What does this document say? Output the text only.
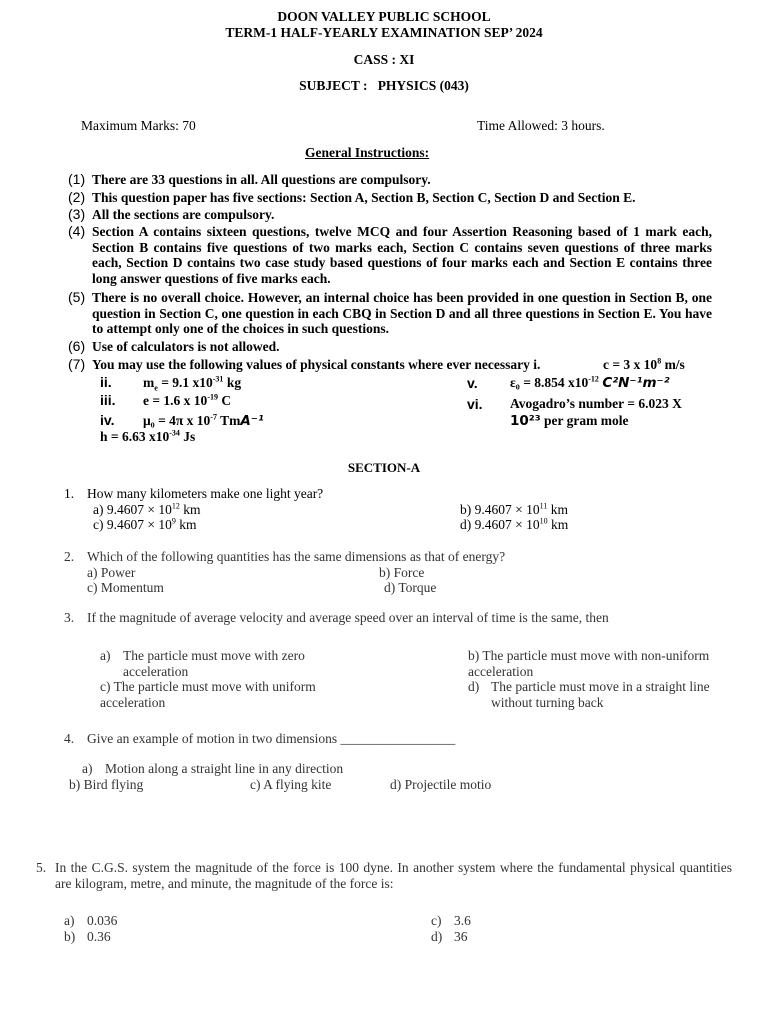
DOON VALLEY PUBLIC SCHOOL
TERM-1 HALF-YEARLY EXAMINATION SEP’ 2024
CASS : XI
SUBJECT : PHYSICS (043)
Maximum Marks: 70	Time Allowed: 3 hours.
General Instructions:
(1) There are 33 questions in all. All questions are compulsory.
(2) This question paper has five sections: Section A, Section B, Section C, Section D and Section E.
(3) All the sections are compulsory.
(4) Section A contains sixteen questions, twelve MCQ and four Assertion Reasoning based of 1 mark each, Section B contains five questions of two marks each, Section C contains seven questions of three marks each, Section D contains two case study based questions of four marks each and Section E contains three long answer questions of five marks each.
(5) There is no overall choice. However, an internal choice has been provided in one question in Section B, one question in Section C, one question in each CBQ in Section D and all three questions in Section E. You have to attempt only one of the choices in such questions.
(6) Use of calculators is not allowed.
(7) You may use the following values of physical constants where ever necessary i.	c = 3 x $10^8$ m/s
ii. $m_e = 9.1$ $x10^{-31}$ kg
iii. e = 1.6 x $10^{-19}$ C
iv. μ₀ = 4π x $10^{-7}$ TmA⁻¹
h = 6.63 $x10^{-34}$ Js
v. ε₀ = 8.854 $x10^{-12}$ C²N⁻¹m⁻²
vi. Avogadro’s number = 6.023 X
10²³ per gram mole
SECTION-A
1. How many kilometers make one light year?
a) $9.4607 \times 10^{12}$ km	b) $9.4607 \times 10^{11}$ km
c) $9.4607 \times 10^9$ km	d) $9.4607 \times 10^{10}$ km
2. Which of the following quantities has the same dimensions as that of energy?
a) Power	b) Force
c) Momentum	d) Torque
3. If the magnitude of average velocity and average speed over an interval of time is the same, then
a) The particle must move with zero acceleration
b) The particle must move with non-uniform acceleration
c) The particle must move with uniform acceleration
d) The particle must move in a straight line without turning back
4. Give an example of motion in two dimensions _________________
a) Motion along a straight line in any direction
b) Bird flying	c) A flying kite	d) Projectile motio
5. In the C.G.S. system the magnitude of the force is 100 dyne. In another system where the fundamental physical quantities are kilogram, metre, and minute, the magnitude of the force is:
a) 0.036
b) 0.36
c) 3.6
d) 36
